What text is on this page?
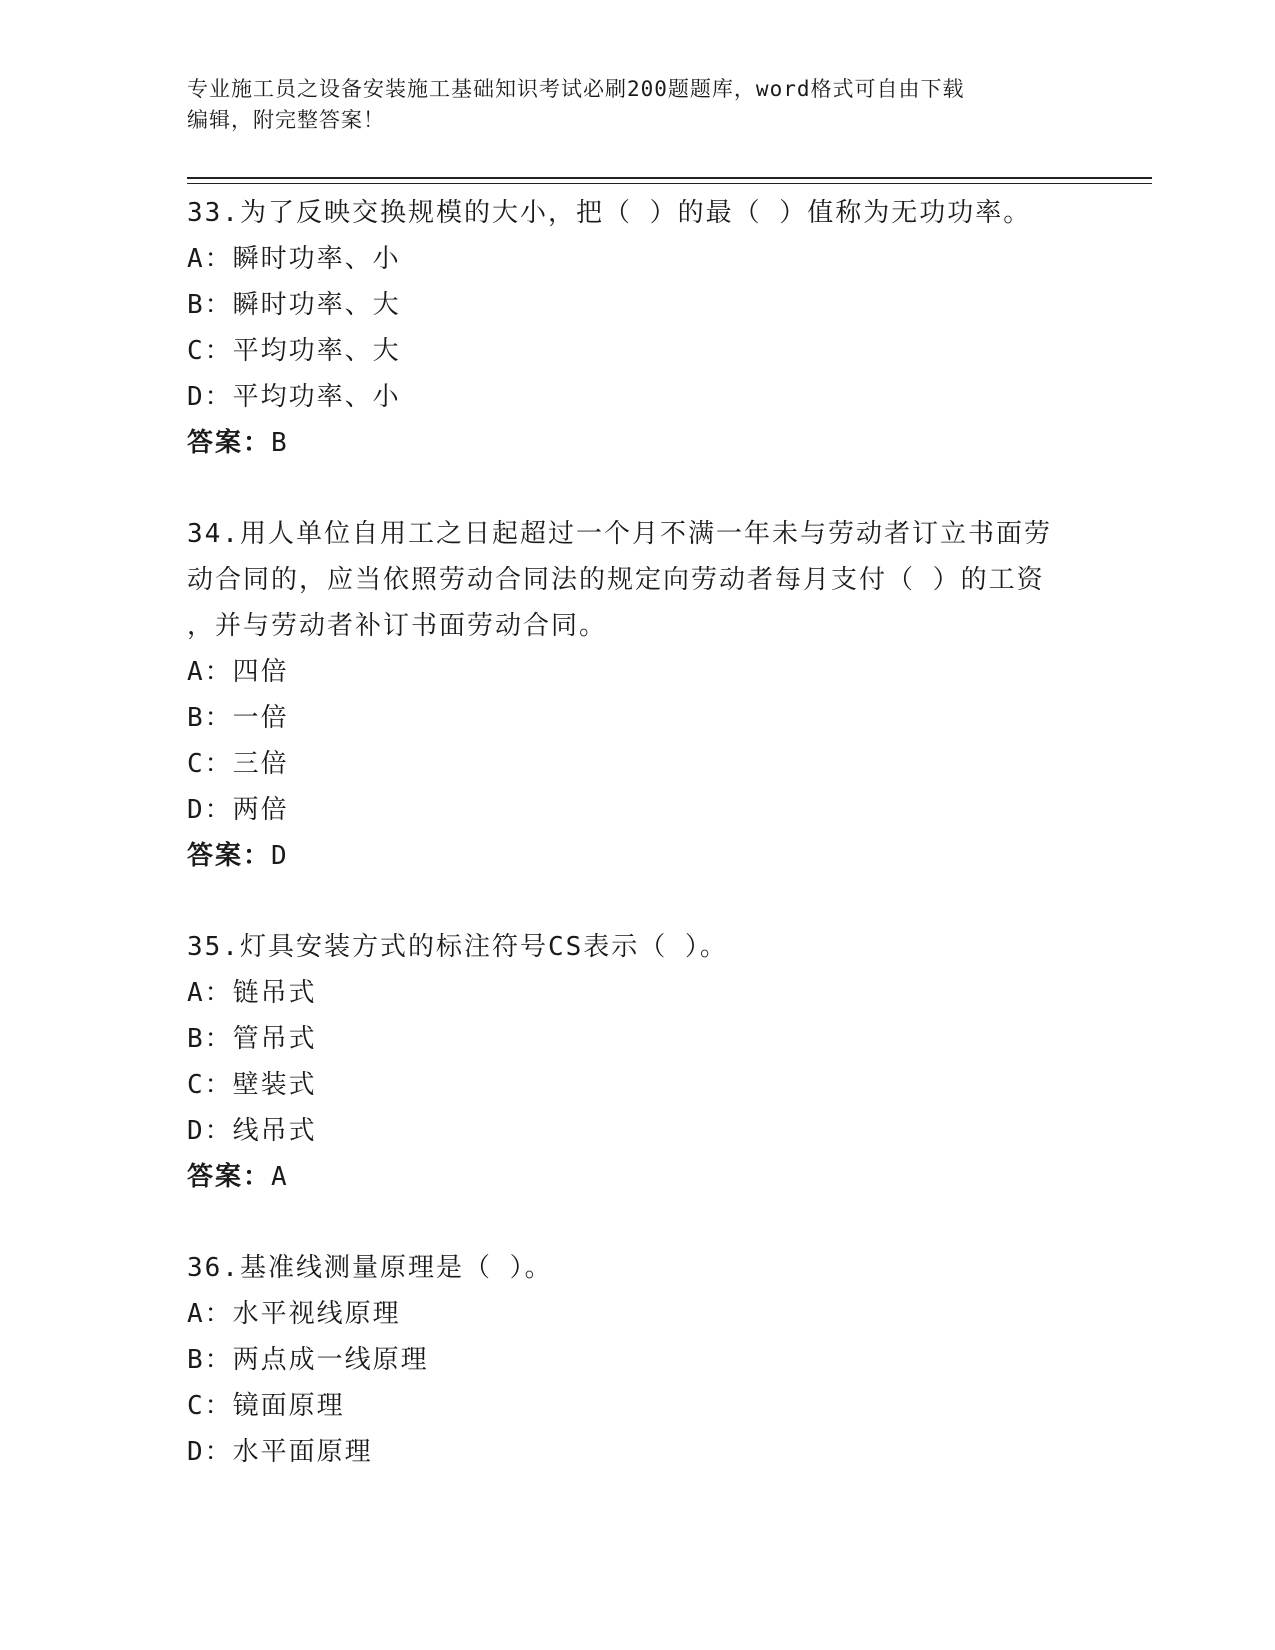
专业施工员之设备安装施工基础知识考试必刷200题题库，word格式可自由下载
编辑，附完整答案！
33.为了反映交换规模的大小，把（ ）的最（ ）值称为无功功率。
A：瞬时功率、小
B：瞬时功率、大
C：平均功率、大
D：平均功率、小
答案：B
34.用人单位自用工之日起超过一个月不满一年未与劳动者订立书面劳
动合同的，应当依照劳动合同法的规定向劳动者每月支付（ ）的工资
，并与劳动者补订书面劳动合同。
A：四倍
B：一倍
C：三倍
D：两倍
答案：D
35.灯具安装方式的标注符号CS表示（ ）。
A：链吊式
B：管吊式
C：壁装式
D：线吊式
答案：A
36.基准线测量原理是（ ）。
A：水平视线原理
B：两点成一线原理
C：镜面原理
D：水平面原理
